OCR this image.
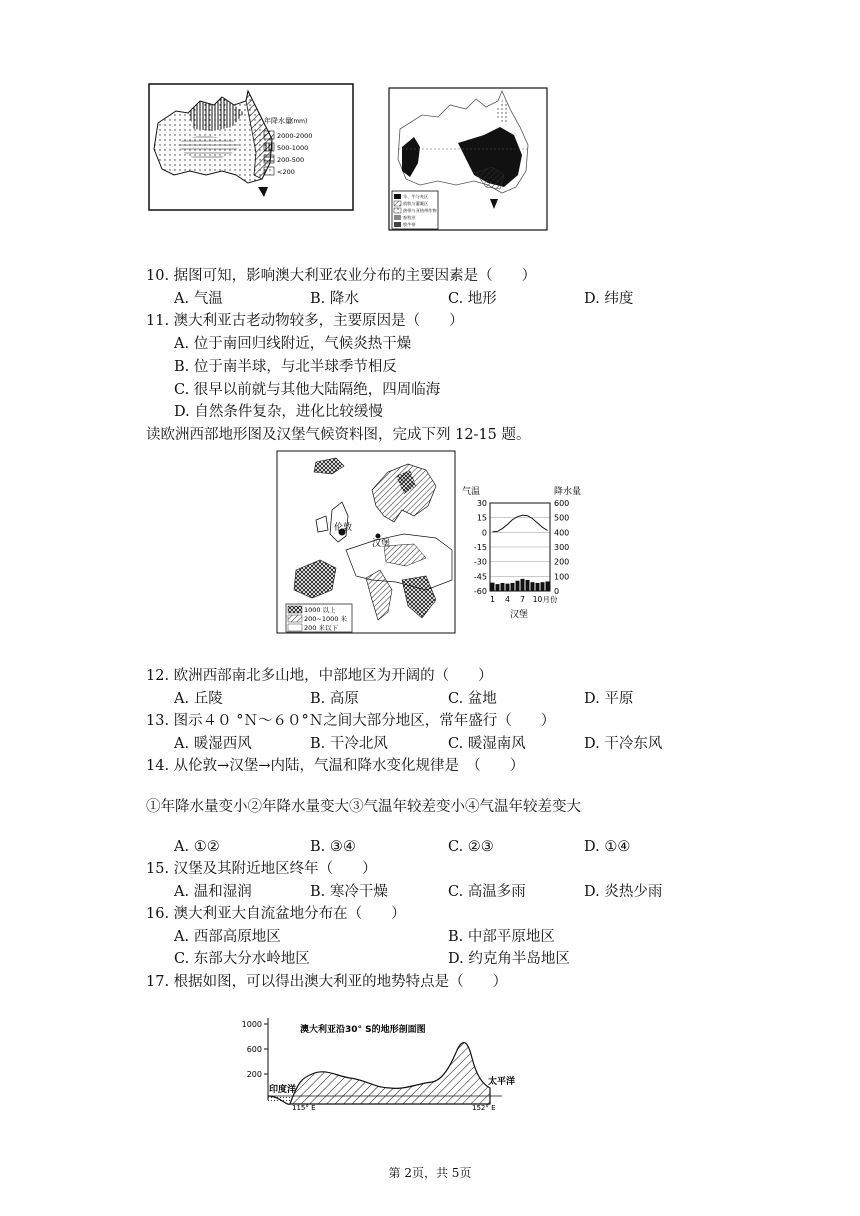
年降水量 (mm)
2000-2000
500-1000
200-500
<200
羊、牛与麦区
放牧与灌溉区
热带与亚热带作物
畜牧业
牧牛带
10. 据图可知，影响澳大利亚农业分布的主要因素是（　　）
A. 气温	B. 降水	C. 地形	D. 纬度
11. 澳大利亚古老动物较多，主要原因是（　　）
A. 位于南回归线附近，气候炎热干燥
B. 位于南半球，与北半球季节相反
C. 很早以前就与其他大陆隔绝，四周临海
D. 自然条件复杂，进化比较缓慢
读欧洲西部地形图及汉堡气候资料图，完成下列 12-15 题。
伦敦
汉堡
1000 以上
200~1000 米
200 米以下
气温	降水量
30
15
0
-15
-30
-45
-60
600
500
400
300
200
100
0
1 4 7 10 月份
汉堡
12. 欧洲西部南北多山地，中部地区为开阔的（　　）
A. 丘陵	B. 高原	C. 盆地	D. 平原
13. 图示４０ °Ｎ～６０°Ｎ之间大部分地区，常年盛行（　　）
A. 暖湿西风	B. 干冷北风	C. 暖湿南风	D. 干冷东风
14. 从伦敦→汉堡→内陆，气温和降水变化规律是　（　　）
①年降水量变小②年降水量变大③气温年较差变小④气温年较差变大
A. ①②	B. ③④	C. ②③	D. ①④
15. 汉堡及其附近地区终年（　　）
A. 温和湿润	B. 寒冷干燥	C. 高温多雨	D. 炎热少雨
16. 澳大利亚大自流盆地分布在（　　）
A. 西部高原地区	B. 中部平原地区
C. 东部大分水岭地区	D. 约克角半岛地区
17. 根据如图，可以得出澳大利亚的地势特点是（　　）
1000
600
200
澳大利亚沿30° S的地形剖面图
印度洋
太平洋
115° E	152° E
第 2页，共 5页
